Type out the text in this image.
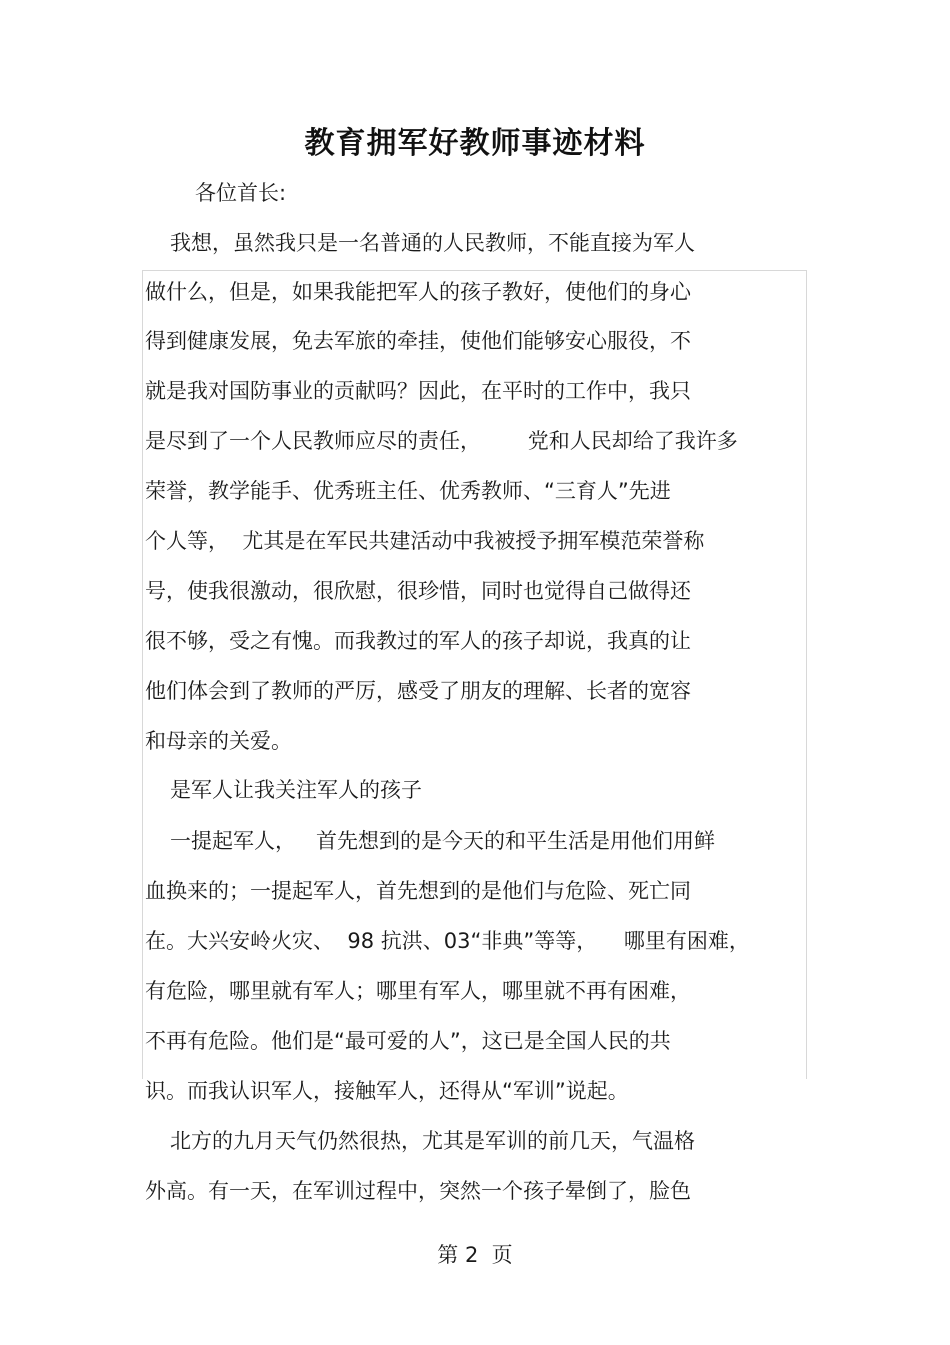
教育拥军好教师事迹材料
各位首长:
我想，虽然我只是一名普通的人民教师，不能直接为军人
做什么，但是，如果我能把军人的孩子教好，使他们的身心
得到健康发展，免去军旅的牵挂，使他们能够安心服役，不
就是我对国防事业的贡献吗？因此，在平时的工作中，我只
是尽到了一个人民教师应尽的责任，       党和人民却给了我许多
荣誉，教学能手、优秀班主任、优秀教师、“三育人”先进
个人等，  尤其是在军民共建活动中我被授予拥军模范荣誉称
号，使我很激动，很欣慰，很珍惜，同时也觉得自己做得还
很不够，受之有愧。而我教过的军人的孩子却说，我真的让
他们体会到了教师的严厉，感受了朋友的理解、长者的宽容
和母亲的关爱。
是军人让我关注军人的孩子
一提起军人，   首先想到的是今天的和平生活是用他们用鲜
血换来的；一提起军人，首先想到的是他们与危险、死亡同
在。大兴安岭火灾、  98 抗洪、03“非典”等等，    哪里有困难，
有危险，哪里就有军人；哪里有军人，哪里就不再有困难，
不再有危险。他们是“最可爱的人”，这已是全国人民的共
识。而我认识军人，接触军人，还得从“军训”说起。
北方的九月天气仍然很热，尤其是军训的前几天，气温格
外高。有一天，在军训过程中，突然一个孩子晕倒了，脸色
第 2  页
